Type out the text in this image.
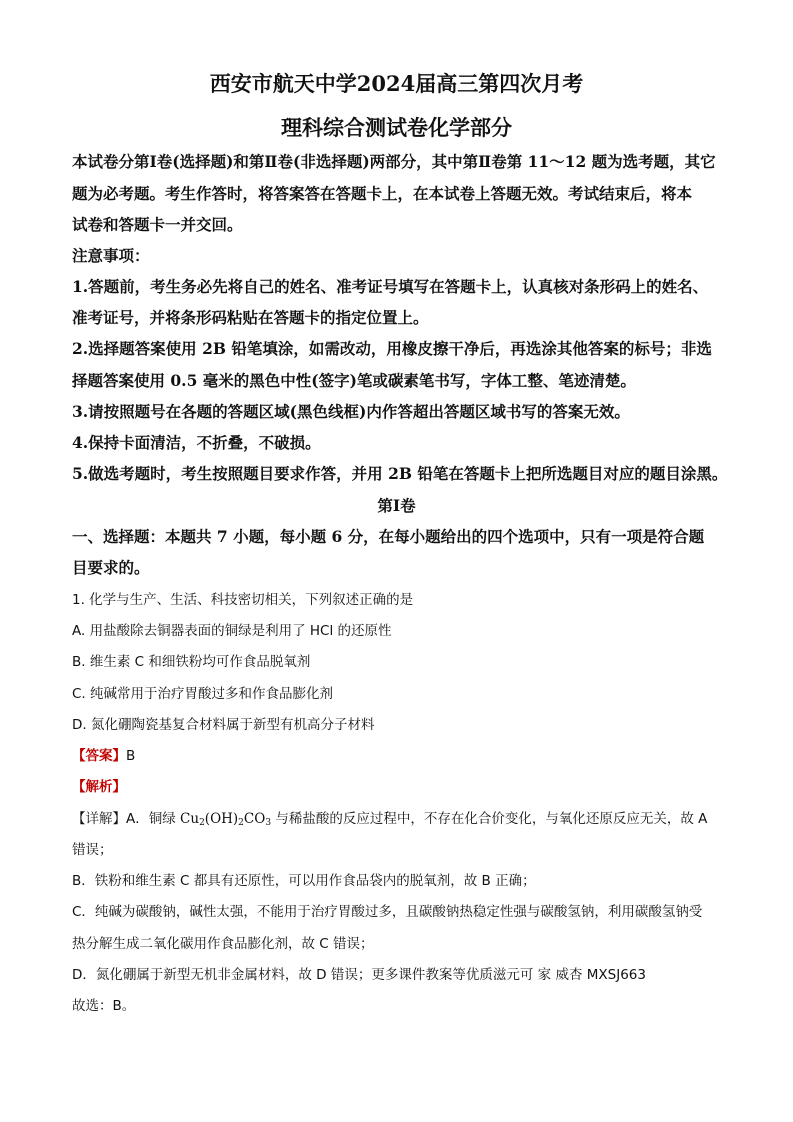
西安市航天中学2024届高三第四次月考
理科综合测试卷化学部分
本试卷分第Ⅰ卷(选择题)和第Ⅱ卷(非选择题)两部分，其中第Ⅱ卷第 11～12 题为选考题，其它
题为必考题。考生作答时，将答案答在答题卡上，在本试卷上答题无效。考试结束后，将本
试卷和答题卡一并交回。
注意事项：
1.答题前，考生务必先将自己的姓名、准考证号填写在答题卡上，认真核对条形码上的姓名、
准考证号，并将条形码粘贴在答题卡的指定位置上。
2.选择题答案使用 2B 铅笔填涂，如需改动，用橡皮擦干净后，再选涂其他答案的标号；非选
择题答案使用 0.5 毫米的黑色中性(签字)笔或碳素笔书写，字体工整、笔迹清楚。
3.请按照题号在各题的答题区域(黑色线框)内作答超出答题区域书写的答案无效。
4.保持卡面清洁，不折叠，不破损。
5.做选考题时，考生按照题目要求作答，并用 2B 铅笔在答题卡上把所选题目对应的题目涂黑。
第Ⅰ卷
一、选择题：本题共 7 小题，每小题 6 分，在每小题给出的四个选项中，只有一项是符合题
目要求的。
1. 化学与生产、生活、科技密切相关，下列叙述正确的是
A. 用盐酸除去铜器表面的铜绿是利用了 HCl 的还原性
B. 维生素 C 和细铁粉均可作食品脱氧剂
C. 纯碱常用于治疗胃酸过多和作食品膨化剂
D. 氮化硼陶瓷基复合材料属于新型有机高分子材料
【答案】B
【解析】
【详解】A．铜绿 $Cu_2(OH)_2CO_3$ 与稀盐酸的反应过程中，不存在化合价变化，与氧化还原反应无关，故 A
错误；
B．铁粉和维生素 C 都具有还原性，可以用作食品袋内的脱氧剂，故 B 正确；
C．纯碱为碳酸钠，碱性太强，不能用于治疗胃酸过多，且碳酸钠热稳定性强与碳酸氢钠，利用碳酸氢钠受
热分解生成二氧化碳用作食品膨化剂，故 C 错误；
D．氮化硼属于新型无机非金属材料，故 D 错误；更多课件教案等优质滋元可 家 威杏 MXSJ663
故选：B。
